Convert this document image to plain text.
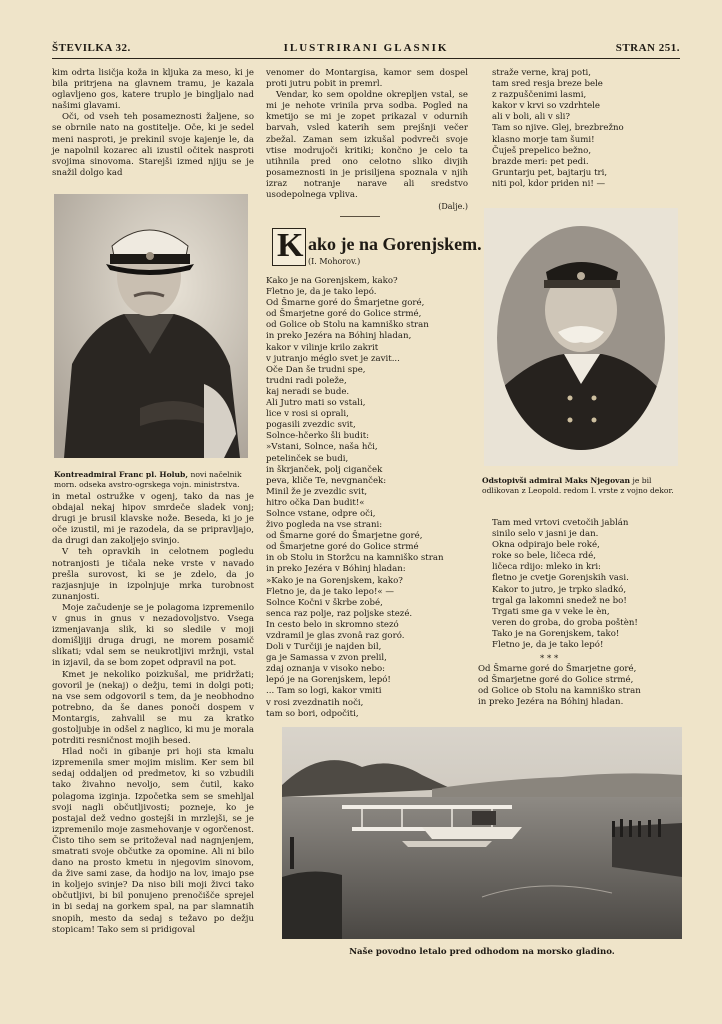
ŠTEVILKA 32.	ILUSTRIRANI GLASNIK	STRAN 251.

kim odrta lisičja koža in kljuka za meso, ki je bila pritrjena na glavnem tramu, je kazala oglavljeno gos, katere truplo je bingljalo nad našimi glavami.

Oči, od vseh teh posameznosti žaljene, so se obrnile nato na gostitelje. Oče, ki je sedel meni nasproti, je prekinil svoje kajenje le, da je napolnil kozarec ali izustil očitek nasproti svojima sinovoma. Starejši izmed njiju se je snažil dolgo kad

Kontreadmiral Franc pl. Holub, novi načelnik morn. odseka avstro-ogrskega vojn. ministrstva.

in metal ostružke v ogenj, tako da nas je obdajal nekaj hipov smrdeče sladek vonj; drugi je brusil klavske nože. Beseda, ki jo je oče izustil, mi je razodela, da se pripravljajo, da drugi dan zakoljejo svinjo.

V teh opravkih in celotnem pogledu notranjosti je tičala neke vrste v navado prešla surovost, ki se je zdelo, da jo razjasnjuje in izpolnjuje mrka turobnost zunanjosti.

Moje začudenje se je polagoma izpremenilo v gnus in gnus v nezadovoljstvo. Vsega izmenjavanja slik, ki so sledile v moji domišljiji druga drugi, ne morem posamič slikati; vdal sem se neukrotljivi mržnji, vstal in izjavil, da se bom zopet odpravil na pot.

Kmet je nekoliko poizkušal, me pridržati; govoril je (nekaj) o dežju, temi in dolgi poti; na vse sem odgovoril s tem, da je neobhodno potrebno, da še danes ponoči dospem v Montargis, zahvalil se mu za kratko gostoljubje in odšel z naglico, ki mu je morala potrditi resničnost mojih besed.

Hlad noči in gibanje pri hoji sta kmalu izpremenila smer mojim mislim. Ker sem bil sedaj oddaljen od predmetov, ki so vzbudili tako živahno nevoljo, sem čutil, kako polagoma izginja. Izpočetka sem se smehljal svoji nagli občutljivosti; pozneje, ko je postajal dež vedno gostejši in mrzlejši, se je izpremenilo moje zasmehovanje v ogorčenost. Čisto tiho sem se pritoževal nad nagnjenjem, smatrati svoje občutke za opomine. Ali ni bilo dano na prosto kmetu in njegovim sinovom, da žive sami zase, da hodijo na lov, imajo pse in koljejo svinje? Da niso bili moji živci tako občutljivi, bi bil ponujeno prenočišče sprejel in bi sedaj na gorkem spal, na par slamnatih snopih, mesto da sedaj s težavo po dežju stopicam! Tako sem si pridigoval

venomer do Montargisa, kamor sem dospel proti jutru pobit in premrl.

Vendar, ko sem opoldne okrepljen vstal, se mi je nehote vrinila prva sodba. Pogled na kmetijo se mi je zopet prikazal v odurnih barvah, vsled katerih sem prejšnji večer zbežal. Zaman sem izkušal podvreči svoje vtise modrujoči kritiki; končno je celo ta utihnila pred ono celotno sliko divjih posameznosti in je prisiljena spoznala v njih izraz notranje narave ali sredstvo usodepolnega vpliva.

(Dalje.)
K ako je na Gorenjskem.
(I. Mohorov.)
Kako je na Gorenjskem, kako?
Fletno je, da je tako lepó.
Od Šmarne goré do Šmarjetne goré,
od Šmarjetne goré do Golice strmé,
od Golice ob Stolu na kamniško stran
in preko Jezéra na Bóhinj hladan,
kakor v vilinje krilo zakrit
v jutranjo méglo svet je zavit...
Oče Dan še trudni spe,
trudni radi poleže,
kaj neradi se bude.
Ali Jutro mati so vstali,
lice v rosi si oprali,
pogasili zvezdic svit,
Solnce-hčerko šli budit:
»Vstani, Solnce, naša hči,
petelinček se budi,
in škrjanček, polj ciganček
peva, kliče Te, nevgnanček:
Minil že je zvezdic svit,
hitro očka Dan budit!«
Solnce vstane, odpre oči,
živo pogleda na vse strani:
od Šmarne goré do Šmarjetne goré,
od Šmarjetne goré do Golice strmé
in ob Stolu in Storžcu na kamniško stran
in preko Jezéra v Bóhinj hladan:
»Kako je na Gorenjskem, kako?
Fletno je, da je tako lepo!« —
Solnce Kočni v škrbe zobé,
senca raz polje, raz poljske stezé.
In cesto belo in skromno stezó
vzdramil je glas zvonâ raz goró.
Doli v Turčiji je najden bil,
ga je Samassa v zvon prelil,
zdaj oznanja v visoko nebo:
lepó je na Gorenjskem, lepó!
... Tam so logi, kakor vmiti
v rosi zvezdnatih noči,
tam so bori, odpočiti,
straže verne, kraj poti,
tam sred resja breze bele
z razpuščenimi lasmi,
kakor v krvi so vzdrhtele
ali v boli, ali v sli?
Tam so njive. Glej, brezbrežno
klasno morje tam šumi!
Čuješ prepelico bežno,
brazde meri: pet pedi.
Gruntarju pet, bajtarju tri,
niti pol, kdor priden ni! —
Odstopivši admiral Maks Njegovan je bil odlikovan z Leopold. redom I. vrste z vojno dekor.
Tam med vrtovi cvetočih jablán
sinilo selo v jasni je dan.
Okna odpirajo bele roké,
roke so bele, ličeca rdé,
ličeca rdijo: mleko in kri:
fletno je cvetje Gorenjskih vasi.
Kakor to jutro, je trpko sladkó,
trgal ga lakomni snedež ne bo!
Trgati sme ga v veke le èn,
veren do groba, do groba poštèn!
Tako je na Gorenjskem, tako!
Fletno je, da je tako lepó!
* * *
Od Šmarne goré do Šmarjetne goré,
od Šmarjetne goré do Golice strmé,
od Golice ob Stolu na kamniško stran
in preko Jezéra na Bóhinj hladan.
Naše povodno letalo pred odhodom na morsko gladino.
